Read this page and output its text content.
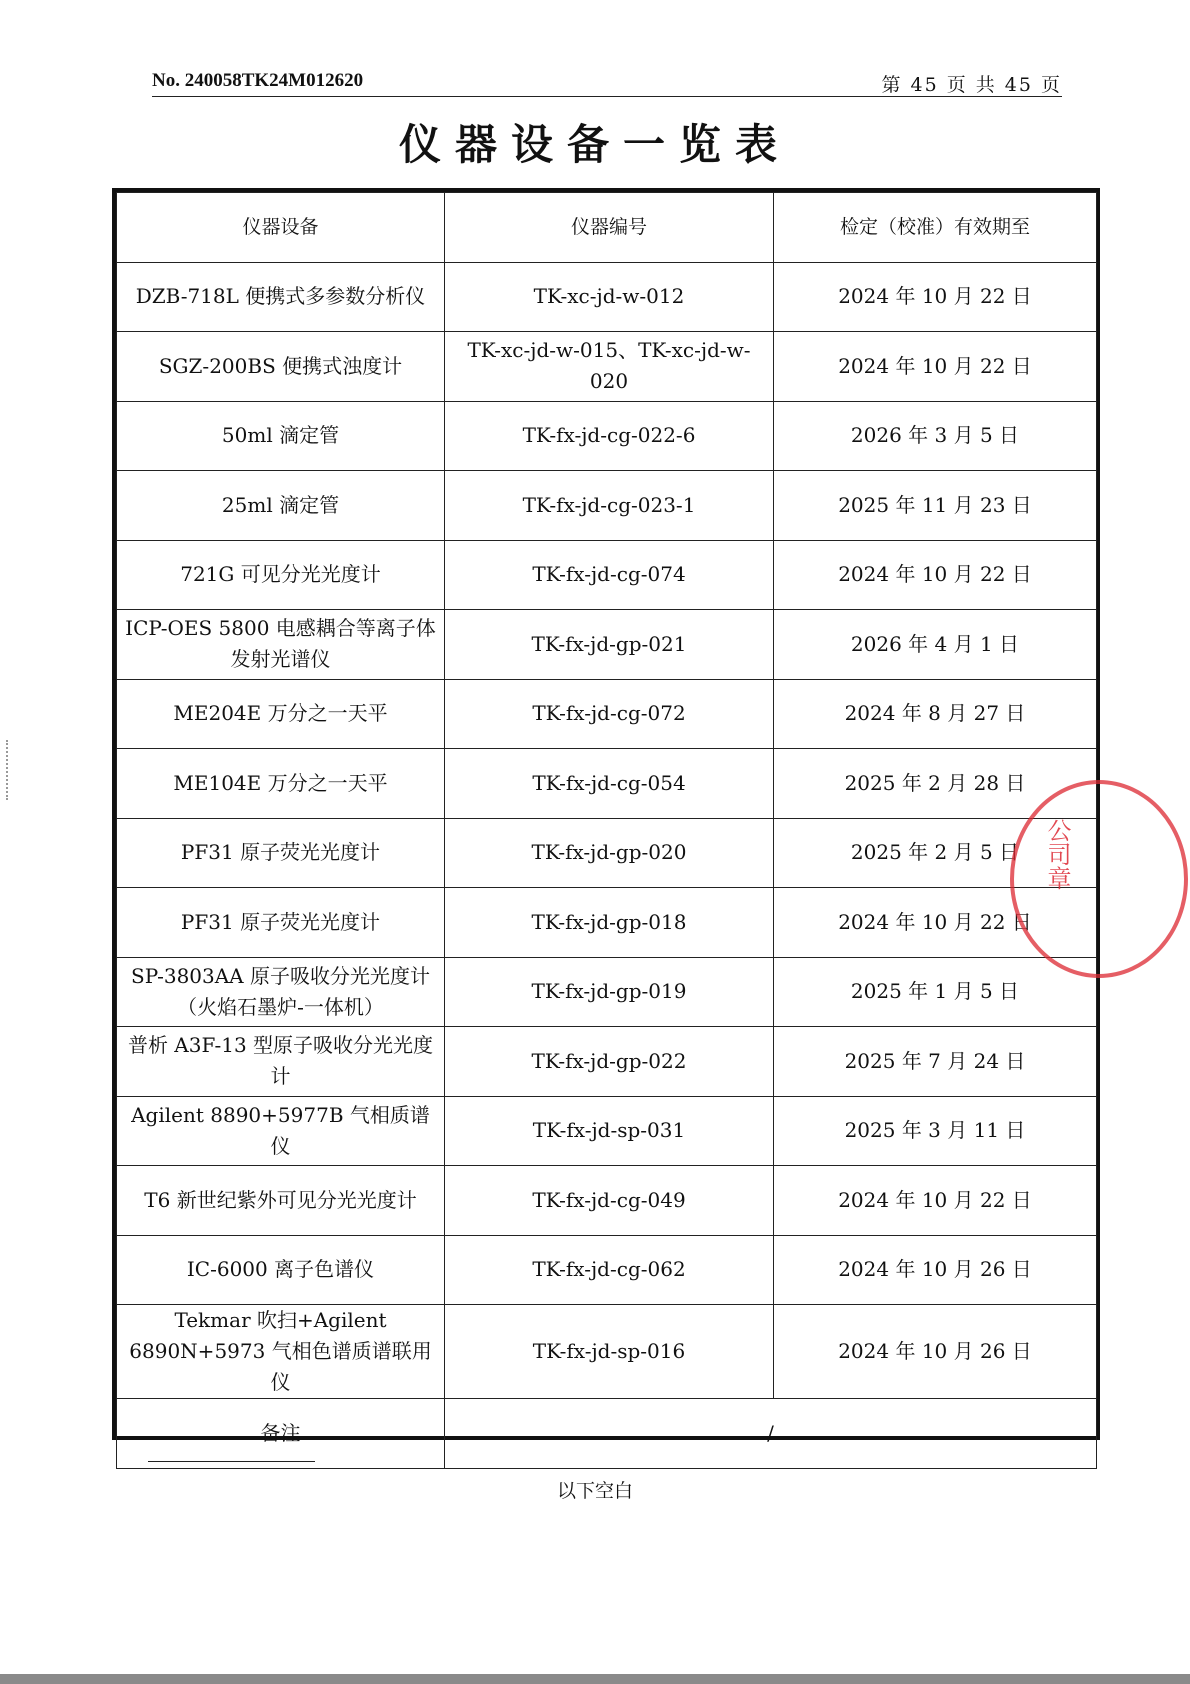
No. 240058TK24M012620	第 45 页 共 45 页
仪器设备一览表
仪器设备	仪器编号	检定（校准）有效期至
DZB-718L 便携式多参数分析仪	TK-xc-jd-w-012	2024 年 10 月 22 日
SGZ-200BS 便携式浊度计	TK-xc-jd-w-015、TK-xc-jd-w-020	2024 年 10 月 22 日
50ml 滴定管	TK-fx-jd-cg-022-6	2026 年 3 月 5 日
25ml 滴定管	TK-fx-jd-cg-023-1	2025 年 11 月 23 日
721G 可见分光光度计	TK-fx-jd-cg-074	2024 年 10 月 22 日
ICP-OES 5800 电感耦合等离子体发射光谱仪	TK-fx-jd-gp-021	2026 年 4 月 1 日
ME204E 万分之一天平	TK-fx-jd-cg-072	2024 年 8 月 27 日
ME104E 万分之一天平	TK-fx-jd-cg-054	2025 年 2 月 28 日
PF31 原子荧光光度计	TK-fx-jd-gp-020	2025 年 2 月 5 日
PF31 原子荧光光度计	TK-fx-jd-gp-018	2024 年 10 月 22 日
SP-3803AA 原子吸收分光光度计（火焰石墨炉-一体机）	TK-fx-jd-gp-019	2025 年 1 月 5 日
普析 A3F-13 型原子吸收分光光度计	TK-fx-jd-gp-022	2025 年 7 月 24 日
Agilent 8890+5977B 气相质谱仪	TK-fx-jd-sp-031	2025 年 3 月 11 日
T6 新世纪紫外可见分光光度计	TK-fx-jd-cg-049	2024 年 10 月 22 日
IC-6000 离子色谱仪	TK-fx-jd-cg-062	2024 年 10 月 26 日
Tekmar 吹扫+Agilent 6890N+5973 气相色谱质谱联用仪	TK-fx-jd-sp-016	2024 年 10 月 26 日
备注	/	
公司章
以下空白
